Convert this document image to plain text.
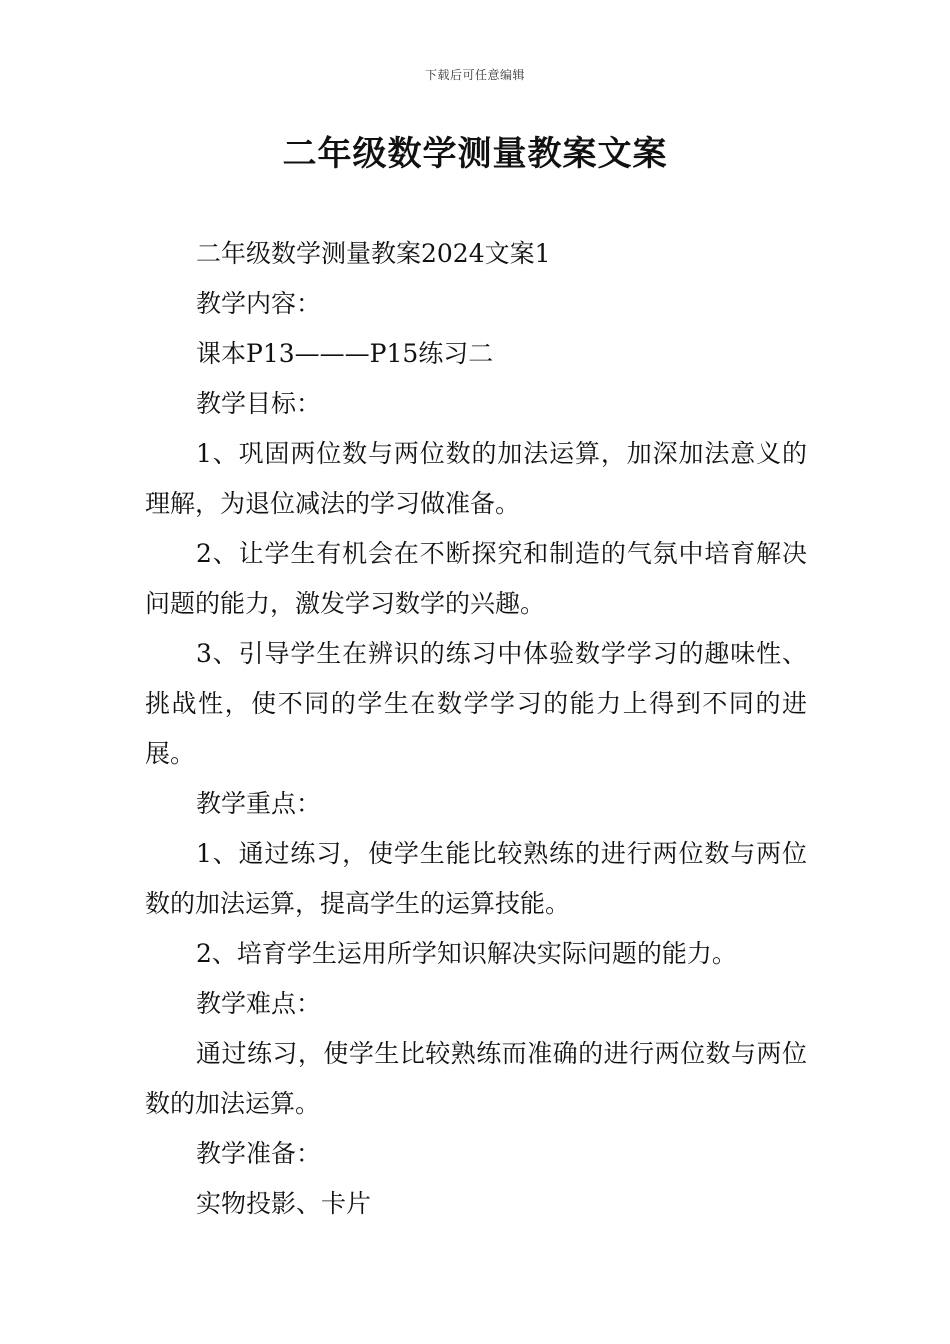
下载后可任意编辑
二年级数学测量教案文案

二年级数学测量教案2024文案1

教学内容：

课本P13———P15练习二

教学目标：

1、巩固两位数与两位数的加法运算，加深加法意义的理解，为退位减法的学习做准备。

2、让学生有机会在不断探究和制造的气氛中培育解决问题的能力，激发学习数学的兴趣。

3、引导学生在辨识的练习中体验数学学习的趣味性、挑战性，使不同的学生在数学学习的能力上得到不同的进展。

教学重点：

1、通过练习，使学生能比较熟练的进行两位数与两位数的加法运算，提高学生的运算技能。

2、培育学生运用所学知识解决实际问题的能力。

教学难点：

通过练习，使学生比较熟练而准确的进行两位数与两位数的加法运算。

教学准备：

实物投影、卡片
